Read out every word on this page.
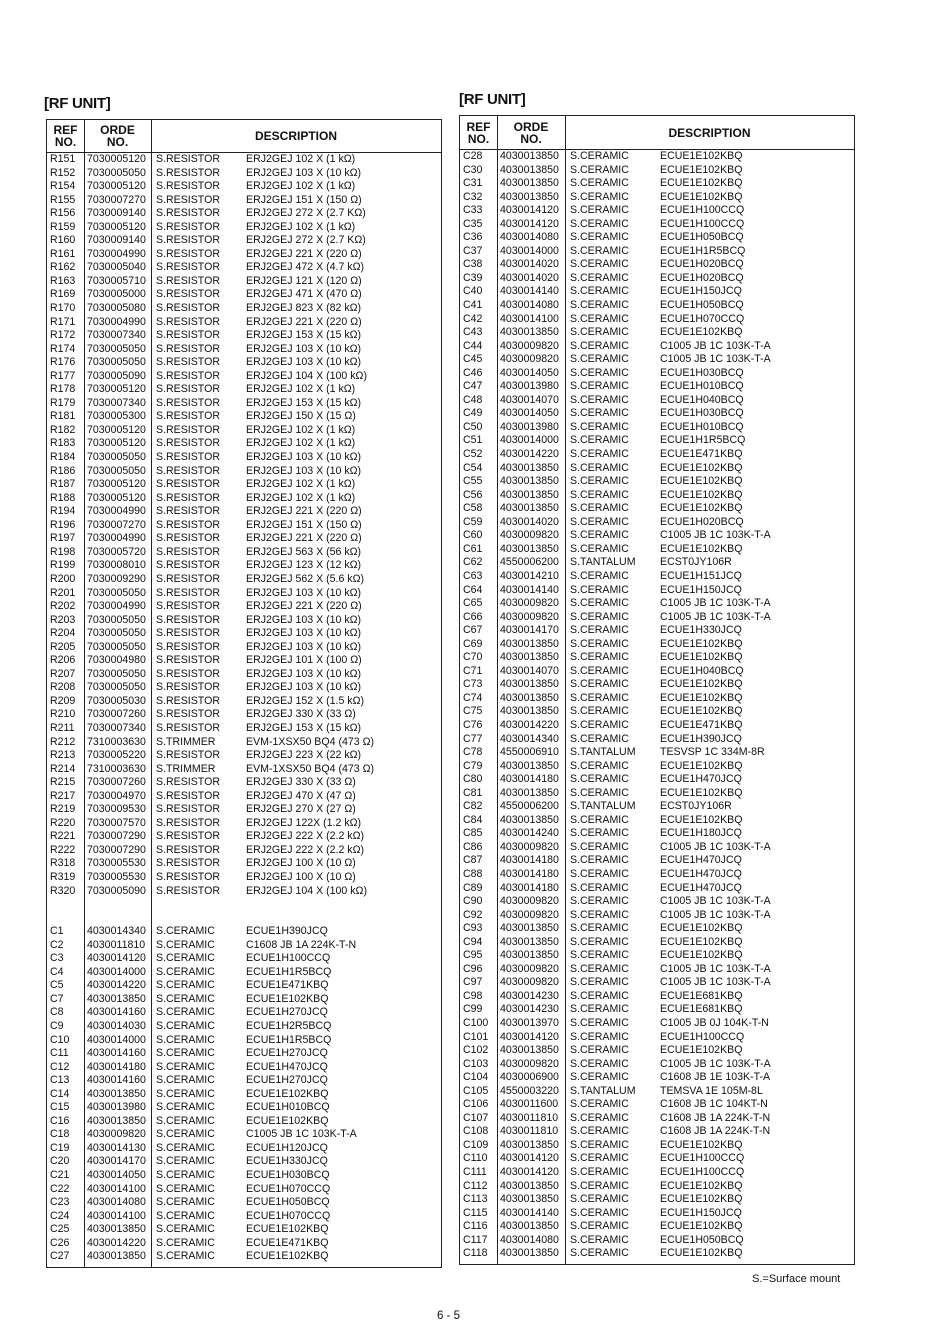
[RF UNIT]
REF
NO.
ORDE
NO.	DESCRIPTION
R151 7030005120 S.RESISTOR ERJ2GEJ 102 X (1 kΩ)
R152 7030005050 S.RESISTOR ERJ2GEJ 103 X (10 kΩ)
R154 7030005120 S.RESISTOR ERJ2GEJ 102 X (1 kΩ)
R155 7030007270 S.RESISTOR ERJ2GEJ 151 X (150 Ω)
R156 7030009140 S.RESISTOR ERJ2GEJ 272 X (2.7 KΩ)
R159 7030005120 S.RESISTOR ERJ2GEJ 102 X (1 kΩ)
R160 7030009140 S.RESISTOR ERJ2GEJ 272 X (2.7 KΩ)
R161 7030004990 S.RESISTOR ERJ2GEJ 221 X (220 Ω)
R162 7030005040 S.RESISTOR ERJ2GEJ 472 X (4.7 kΩ)
R163 7030005710 S.RESISTOR ERJ2GEJ 121 X (120 Ω)
R169 7030005000 S.RESISTOR ERJ2GEJ 471 X (470 Ω)
R170 7030005080 S.RESISTOR ERJ2GEJ 823 X (82 kΩ)
R171 7030004990 S.RESISTOR ERJ2GEJ 221 X (220 Ω)
R172 7030007340 S.RESISTOR ERJ2GEJ 153 X (15 kΩ)
R174 7030005050 S.RESISTOR ERJ2GEJ 103 X (10 kΩ)
R176 7030005050 S.RESISTOR ERJ2GEJ 103 X (10 kΩ)
R177 7030005090 S.RESISTOR ERJ2GEJ 104 X (100 kΩ)
R178 7030005120 S.RESISTOR ERJ2GEJ 102 X (1 kΩ)
R179 7030007340 S.RESISTOR ERJ2GEJ 153 X (15 kΩ)
R181 7030005300 S.RESISTOR ERJ2GEJ 150 X (15 Ω)
R182 7030005120 S.RESISTOR ERJ2GEJ 102 X (1 kΩ)
R183 7030005120 S.RESISTOR ERJ2GEJ 102 X (1 kΩ)
R184 7030005050 S.RESISTOR ERJ2GEJ 103 X (10 kΩ)
R186 7030005050 S.RESISTOR ERJ2GEJ 103 X (10 kΩ)
R187 7030005120 S.RESISTOR ERJ2GEJ 102 X (1 kΩ)
R188 7030005120 S.RESISTOR ERJ2GEJ 102 X (1 kΩ)
R194 7030004990 S.RESISTOR ERJ2GEJ 221 X (220 Ω)
R196 7030007270 S.RESISTOR ERJ2GEJ 151 X (150 Ω)
R197 7030004990 S.RESISTOR ERJ2GEJ 221 X (220 Ω)
R198 7030005720 S.RESISTOR ERJ2GEJ 563 X (56 kΩ)
R199 7030008010 S.RESISTOR ERJ2GEJ 123 X (12 kΩ)
R200 7030009290 S.RESISTOR ERJ2GEJ 562 X (5.6 kΩ)
R201 7030005050 S.RESISTOR ERJ2GEJ 103 X (10 kΩ)
R202 7030004990 S.RESISTOR ERJ2GEJ 221 X (220 Ω)
R203 7030005050 S.RESISTOR ERJ2GEJ 103 X (10 kΩ)
R204 7030005050 S.RESISTOR ERJ2GEJ 103 X (10 kΩ)
R205 7030005050 S.RESISTOR ERJ2GEJ 103 X (10 kΩ)
R206 7030004980 S.RESISTOR ERJ2GEJ 101 X (100 Ω)
R207 7030005050 S.RESISTOR ERJ2GEJ 103 X (10 kΩ)
R208 7030005050 S.RESISTOR ERJ2GEJ 103 X (10 kΩ)
R209 7030005030 S.RESISTOR ERJ2GEJ 152 X (1.5 kΩ)
R210 7030007260 S.RESISTOR ERJ2GEJ 330 X (33 Ω)
R211 7030007340 S.RESISTOR ERJ2GEJ 153 X (15 kΩ)
R212 7310003630 S.TRIMMER	EVM-1XSX50 BQ4 (473 Ω)
R213 7030005220 S.RESISTOR ERJ2GEJ 223 X (22 kΩ)
R214 7310003630 S.TRIMMER	EVM-1XSX50 BQ4 (473 Ω)
R215 7030007260 S.RESISTOR ERJ2GEJ 330 X (33 Ω)
R217 7030004970 S.RESISTOR ERJ2GEJ 470 X (47 Ω)
R219 7030009530 S.RESISTOR ERJ2GEJ 270 X (27 Ω)
R220 7030007570 S.RESISTOR ERJ2GEJ 122X (1.2 kΩ)
R221 7030007290 S.RESISTOR ERJ2GEJ 222 X (2.2 kΩ)
R222 7030007290 S.RESISTOR ERJ2GEJ 222 X (2.2 kΩ)
R318 7030005530 S.RESISTOR ERJ2GEJ 100 X (10 Ω)
R319 7030005530 S.RESISTOR ERJ2GEJ 100 X (10 Ω)
R320 7030005090 S.RESISTOR ERJ2GEJ 104 X (100 kΩ)
C1 4030014340 S.CERAMIC	ECUE1H390JCQ
C2 4030011810 S.CERAMIC	C1608 JB 1A 224K-T-N
C3 4030014120 S.CERAMIC	ECUE1H100CCQ
C4 4030014000 S.CERAMIC	ECUE1H1R5BCQ
C5 4030014220 S.CERAMIC	ECUE1E471KBQ
C7 4030013850 S.CERAMIC	ECUE1E102KBQ
C8 4030014160 S.CERAMIC	ECUE1H270JCQ
C9 4030014030 S.CERAMIC	ECUE1H2R5BCQ
C10 4030014000 S.CERAMIC	ECUE1H1R5BCQ
C11 4030014160 S.CERAMIC	ECUE1H270JCQ
C12 4030014180 S.CERAMIC	ECUE1H470JCQ
C13 4030014160 S.CERAMIC	ECUE1H270JCQ
C14 4030013850 S.CERAMIC	ECUE1E102KBQ
C15 4030013980 S.CERAMIC	ECUE1H010BCQ
C16 4030013850 S.CERAMIC	ECUE1E102KBQ
C18 4030009820 S.CERAMIC	C1005 JB 1C 103K-T-A
C19 4030014130 S.CERAMIC	ECUE1H120JCQ
C20 4030014170 S.CERAMIC	ECUE1H330JCQ
C21 4030014050 S.CERAMIC	ECUE1H030BCQ
C22 4030014100 S.CERAMIC	ECUE1H070CCQ
C23 4030014080 S.CERAMIC	ECUE1H050BCQ
C24 4030014100 S.CERAMIC	ECUE1H070CCQ
C25 4030013850 S.CERAMIC	ECUE1E102KBQ
C26 4030014220 S.CERAMIC	ECUE1E471KBQ
C27 4030013850 S.CERAMIC	ECUE1E102KBQ
[RF UNIT]
REF
NO.
ORDE
NO.	DESCRIPTION
C28 4030013850 S.CERAMIC	ECUE1E102KBQ
C30 4030013850 S.CERAMIC	ECUE1E102KBQ
C31 4030013850 S.CERAMIC	ECUE1E102KBQ
C32 4030013850 S.CERAMIC	ECUE1E102KBQ
C33 4030014120 S.CERAMIC	ECUE1H100CCQ
C35 4030014120 S.CERAMIC	ECUE1H100CCQ
C36 4030014080 S.CERAMIC	ECUE1H050BCQ
C37 4030014000 S.CERAMIC	ECUE1H1R5BCQ
C38 4030014020 S.CERAMIC	ECUE1H020BCQ
C39 4030014020 S.CERAMIC	ECUE1H020BCQ
C40 4030014140 S.CERAMIC	ECUE1H150JCQ
C41 4030014080 S.CERAMIC	ECUE1H050BCQ
C42 4030014100 S.CERAMIC	ECUE1H070CCQ
C43 4030013850 S.CERAMIC	ECUE1E102KBQ
C44 4030009820 S.CERAMIC	C1005 JB 1C 103K-T-A
C45 4030009820 S.CERAMIC	C1005 JB 1C 103K-T-A
C46 4030014050 S.CERAMIC	ECUE1H030BCQ
C47 4030013980 S.CERAMIC	ECUE1H010BCQ
C48 4030014070 S.CERAMIC	ECUE1H040BCQ
C49 4030014050 S.CERAMIC	ECUE1H030BCQ
C50 4030013980 S.CERAMIC	ECUE1H010BCQ
C51 4030014000 S.CERAMIC	ECUE1H1R5BCQ
C52 4030014220 S.CERAMIC	ECUE1E471KBQ
C54 4030013850 S.CERAMIC	ECUE1E102KBQ
C55 4030013850 S.CERAMIC	ECUE1E102KBQ
C56 4030013850 S.CERAMIC	ECUE1E102KBQ
C58 4030013850 S.CERAMIC	ECUE1E102KBQ
C59 4030014020 S.CERAMIC	ECUE1H020BCQ
C60 4030009820 S.CERAMIC	C1005 JB 1C 103K-T-A
C61 4030013850 S.CERAMIC	ECUE1E102KBQ
C62 4550006200 S.TANTALUM ECST0JY106R
C63 4030014210 S.CERAMIC	ECUE1H151JCQ
C64 4030014140 S.CERAMIC	ECUE1H150JCQ
C65 4030009820 S.CERAMIC	C1005 JB 1C 103K-T-A
C66 4030009820 S.CERAMIC	C1005 JB 1C 103K-T-A
C67 4030014170 S.CERAMIC	ECUE1H330JCQ
C69 4030013850 S.CERAMIC	ECUE1E102KBQ
C70 4030013850 S.CERAMIC	ECUE1E102KBQ
C71 4030014070 S.CERAMIC	ECUE1H040BCQ
C73 4030013850 S.CERAMIC	ECUE1E102KBQ
C74 4030013850 S.CERAMIC	ECUE1E102KBQ
C75 4030013850 S.CERAMIC	ECUE1E102KBQ
C76 4030014220 S.CERAMIC	ECUE1E471KBQ
C77 4030014340 S.CERAMIC	ECUE1H390JCQ
C78 4550006910 S.TANTALUM TESVSP 1C 334M-8R
C79 4030013850 S.CERAMIC	ECUE1E102KBQ
C80 4030014180 S.CERAMIC	ECUE1H470JCQ
C81 4030013850 S.CERAMIC	ECUE1E102KBQ
C82 4550006200 S.TANTALUM ECST0JY106R
C84 4030013850 S.CERAMIC	ECUE1E102KBQ
C85 4030014240 S.CERAMIC	ECUE1H180JCQ
C86 4030009820 S.CERAMIC	C1005 JB 1C 103K-T-A
C87 4030014180 S.CERAMIC	ECUE1H470JCQ
C88 4030014180 S.CERAMIC	ECUE1H470JCQ
C89 4030014180 S.CERAMIC	ECUE1H470JCQ
C90 4030009820 S.CERAMIC	C1005 JB 1C 103K-T-A
C92 4030009820 S.CERAMIC	C1005 JB 1C 103K-T-A
C93 4030013850 S.CERAMIC	ECUE1E102KBQ
C94 4030013850 S.CERAMIC	ECUE1E102KBQ
C95 4030013850 S.CERAMIC	ECUE1E102KBQ
C96 4030009820 S.CERAMIC	C1005 JB 1C 103K-T-A
C97 4030009820 S.CERAMIC	C1005 JB 1C 103K-T-A
C98 4030014230 S.CERAMIC	ECUE1E681KBQ
C99 4030014230 S.CERAMIC	ECUE1E681KBQ
C100 4030013970 S.CERAMIC	C1005 JB 0J 104K-T-N
C101 4030014120 S.CERAMIC	ECUE1H100CCQ
C102 4030013850 S.CERAMIC	ECUE1E102KBQ
C103 4030009820 S.CERAMIC	C1005 JB 1C 103K-T-A
C104 4030006900 S.CERAMIC	C1608 JB 1E 103K-T-A
C105 4550003220 S.TANTALUM TEMSVA 1E 105M-8L
C106 4030011600 S.CERAMIC	C1608 JB 1C 104KT-N
C107 4030011810 S.CERAMIC	C1608 JB 1A 224K-T-N
C108 4030011810 S.CERAMIC	C1608 JB 1A 224K-T-N
C109 4030013850 S.CERAMIC	ECUE1E102KBQ
C110 4030014120 S.CERAMIC	ECUE1H100CCQ
C111 4030014120 S.CERAMIC	ECUE1H100CCQ
C112 4030013850 S.CERAMIC	ECUE1E102KBQ
C113 4030013850 S.CERAMIC	ECUE1E102KBQ
C115 4030014140 S.CERAMIC	ECUE1H150JCQ
C116 4030013850 S.CERAMIC	ECUE1E102KBQ
C117 4030014080 S.CERAMIC	ECUE1H050BCQ
C118 4030013850 S.CERAMIC	ECUE1E102KBQ
S.=Surface mount
6 - 5
